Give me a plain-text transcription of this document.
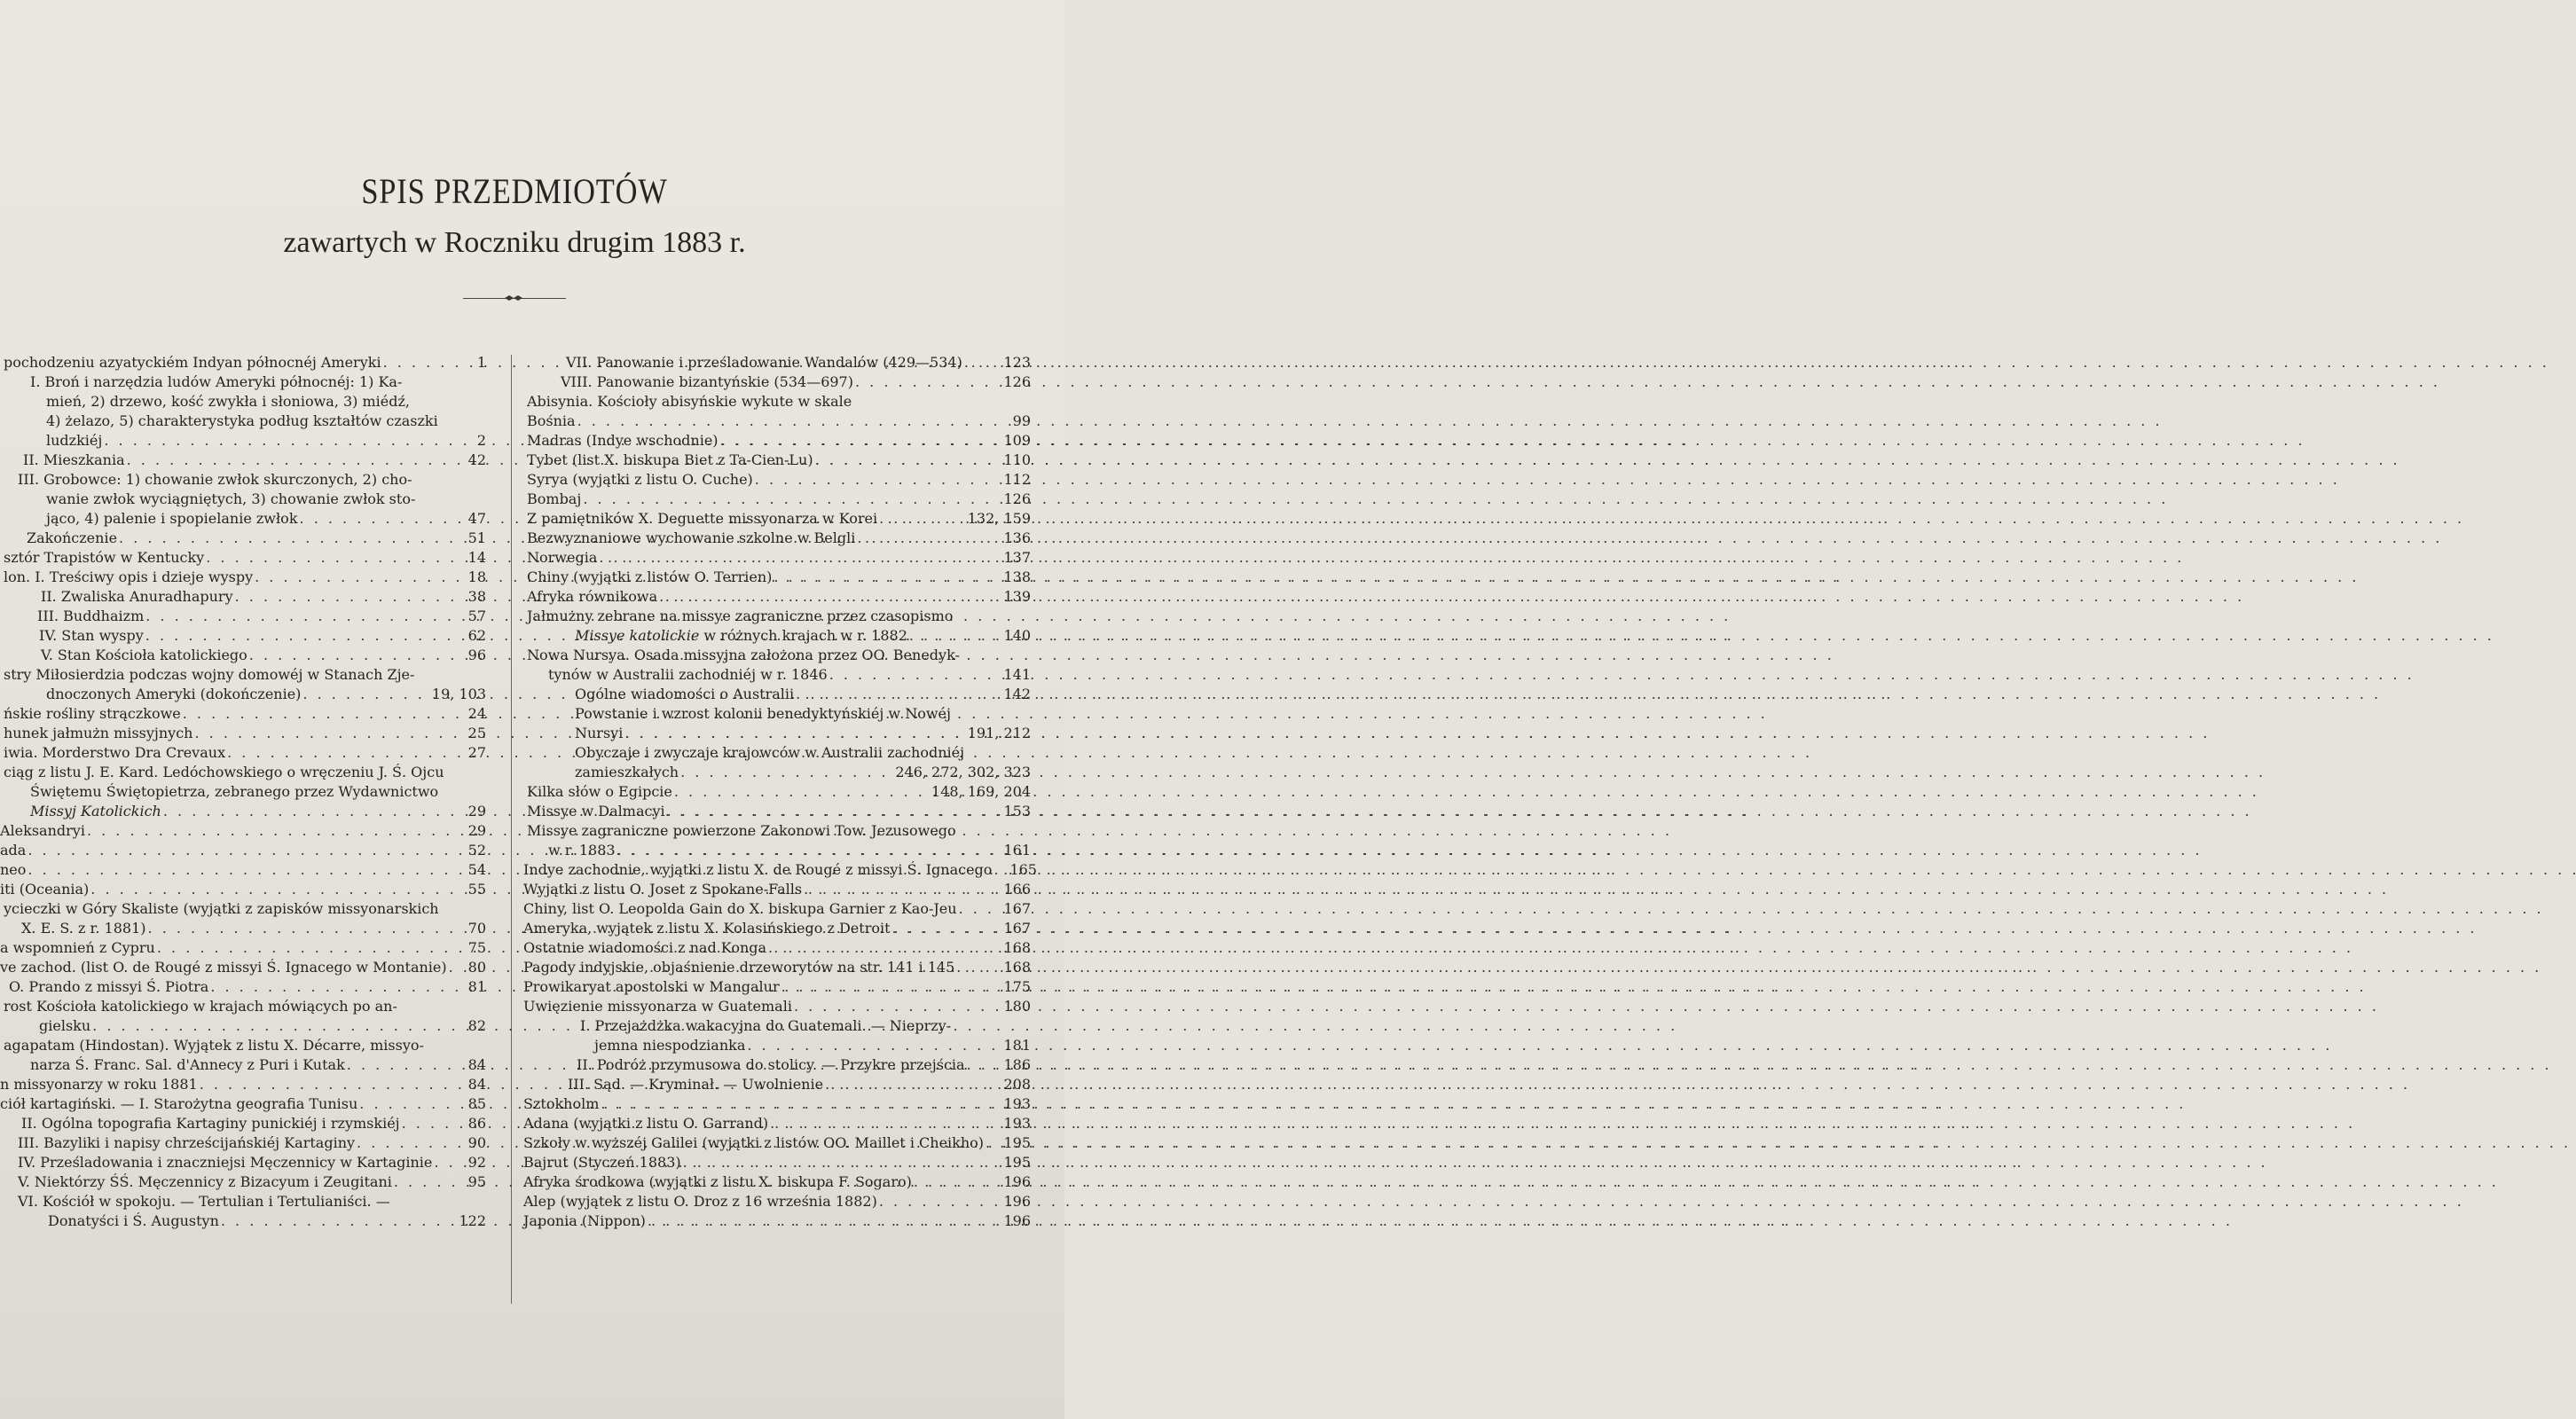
SPIS PRZEDMIOTÓW
zawartych w Roczniku drugim 1883 r.
pochodzeniu azyatyckiém Indyan północnéj Ameryki . . .	1
I. Broń i narzędzia ludów Ameryki północnéj: 1) Ka-
mień, 2) drzewo, kość zwykła i słoniowa, 3) miédź,
4) żelazo, 5) charakterystyka podług kształtów czaszki
ludzkiéj . . .	2
II. Mieszkania . . .	42
III. Grobowce: 1) chowanie zwłok skurczonych, 2) cho-
wanie zwłok wyciągniętych, 3) chowanie zwłok sto-
jąco, 4) palenie i spopielanie zwłok . . .	47
Zakończenie . . .	51
sztór Trapistów w Kentucky . . .	14
lon. I. Treściwy opis i dzieje wyspy . . .	18
II. Zwaliska Anuradhapury . . .	38
III. Buddhaizm . . .	57
IV. Stan wyspy . . .	62
V. Stan Kościoła katolickiego . . .	96
stry Miłosierdzia podczas wojny domowéj w Stanach Zje-
dnoczonych Ameryki (dokończenie) . . .	19, 103
ńskie rośliny strączkowe . . .	24
hunek jałmużn missyjnych . . .	25
iwia. Morderstwo Dra Crevaux . . .	27
ciąg z listu J. E. Kard. Ledóchowskiego o wręczeniu J. Ś. Ojcu
Świętemu Świętopietrza, zebranego przez Wydawnictwo
Missyj Katolickich . . .	29
Aleksandryi . . .	29
ada . . .	52
neo . . .	54
iti (Oceania) . . .	55
ycieczki w Góry Skaliste (wyjątki z zapisków missyonarskich
X. E. S. z r. 1881) . . .	70
a wspomnień z Cypru . . .	75
ve zachod. (list O. de Rougé z missyi Ś. Ignacego w Montanie) . . . 80
O. Prando z missyi Ś. Piotra . . .	81
rost Kościoła katolickiego w krajach mówiących po an-
gielsku . . .	82
agapatam (Hindostan). Wyjątek z listu X. Décarre, missyo-
narza Ś. Franc. Sal. d'Annecy z Puri i Kutak . . .	84
n missyonarzy w roku 1881 . . .	84
ciół kartagiński. — I. Starożytna geografia Tunisu . . .	85
II. Ogólna topografia Kartaginy punickiéj i rzymskiéj . . .	86
III. Bazyliki i napisy chrześcijańskiéj Kartaginy . . .	90
IV. Prześladowania i znaczniejsi Męczennicy w Kartaginie . . .	92
V. Niektórzy ŚŚ. Męczennicy z Bizacyum i Zeugitani . . .	95
VI. Kościół w spokoju. — Tertulian i Tertulianiści. —
Donatyści i Ś. Augustyn . . .	122
VII. Panowanie i prześladowanie Wandalów (429—534) . . .	123
VIII. Panowanie bizantyńskie (534—697) . . .	126
Abisynia. Kościoły abisyńskie wykute w skale
Bośnia . . .	99
Madras (Indye wschodnie) . . .	109
Tybet (list X. biskupa Biet z Ta-Cien-Lu) . . .	110
Syrya (wyjątki z listu O. Cuche) . . .	112
Bombaj . . .	126
Z pamiętników X. Deguette missyonarza w Korei . . .	132, 159
Bezwyznaniowe wychowanie szkolne w Belgli . . .	136
Norwegia . . .	137
Chiny (wyjątki z listów O. Terrien) . . .	138
Afryka równikowa . . .	139
Jałmużny zebrane na missye zagraniczne przez czasopismo
Missye katolickie w różnych krajach w r. 1882 . . .	140
Nowa Nursya. Osada missyjna założona przez OO. Benedyk-
tynów w Australii zachodniéj w r. 1846 . . .	141
Ogólne wiadomości o Australii . . .	142
Powstanie i wzrost kolonii benedyktyńskiéj w Nowéj
Nursyi . . .	191, 212
Obyczaje i zwyczaje krajowców w Australii zachodniéj
zamieszkałych . . .	246, 272, 302, 323
Kilka słów o Egipcie . . .	148, 169, 204
Missye w Dalmacyi . . .	153
Missye zagraniczne powierzone Zakonowi Tow. Jezusowego
w r. 1883 . . .	161
Indye zachodnie, wyjątki z listu X. de Rougé z missyi Ś. Ignacego . . . 165
Wyjątki z listu O. Joset z Spokane-Falls . . .	166
Chiny, list O. Leopolda Gain do X. biskupa Garnier z Kao-Jeu . . .	167
Ameryka, wyjątek z listu X. Kolasińskiego z Detroit . . .	167
Ostatnie wiadomości z nad Konga . . .	168
Pagody indyjskie, objaśnienie drzeworytów na str. 141 i 145 . . .	168
Prowikaryat apostolski w Mangalur . . .	175
Uwięzienie missyonarza w Guatemali . . .	180
I. Przejażdżka wakacyjna do Guatemali. — Nieprzy-
jemna niespodzianka . . .	181
II. Podróż przymusowa do stolicy. — Przykre przejścia . . .	186
III. Sąd. — Kryminał. — Uwolnienie . . .	208
Sztokholm . . .	193
Adana (wyjątki z listu O. Garrand) . . .	193
Szkoły w wyższéj Galilei (wyjątki z listów OO. Maillet i Cheikho) . . . 195
Bajrut (Styczeń 1883) . . .	195
Afryka środkowa (wyjątki z listu X. biskupa F. Sogaro) . . .	196
Alep (wyjątek z listu O. Droz z 16 września 1882) . . .	196
Japonia (Nippon) . . .	196
